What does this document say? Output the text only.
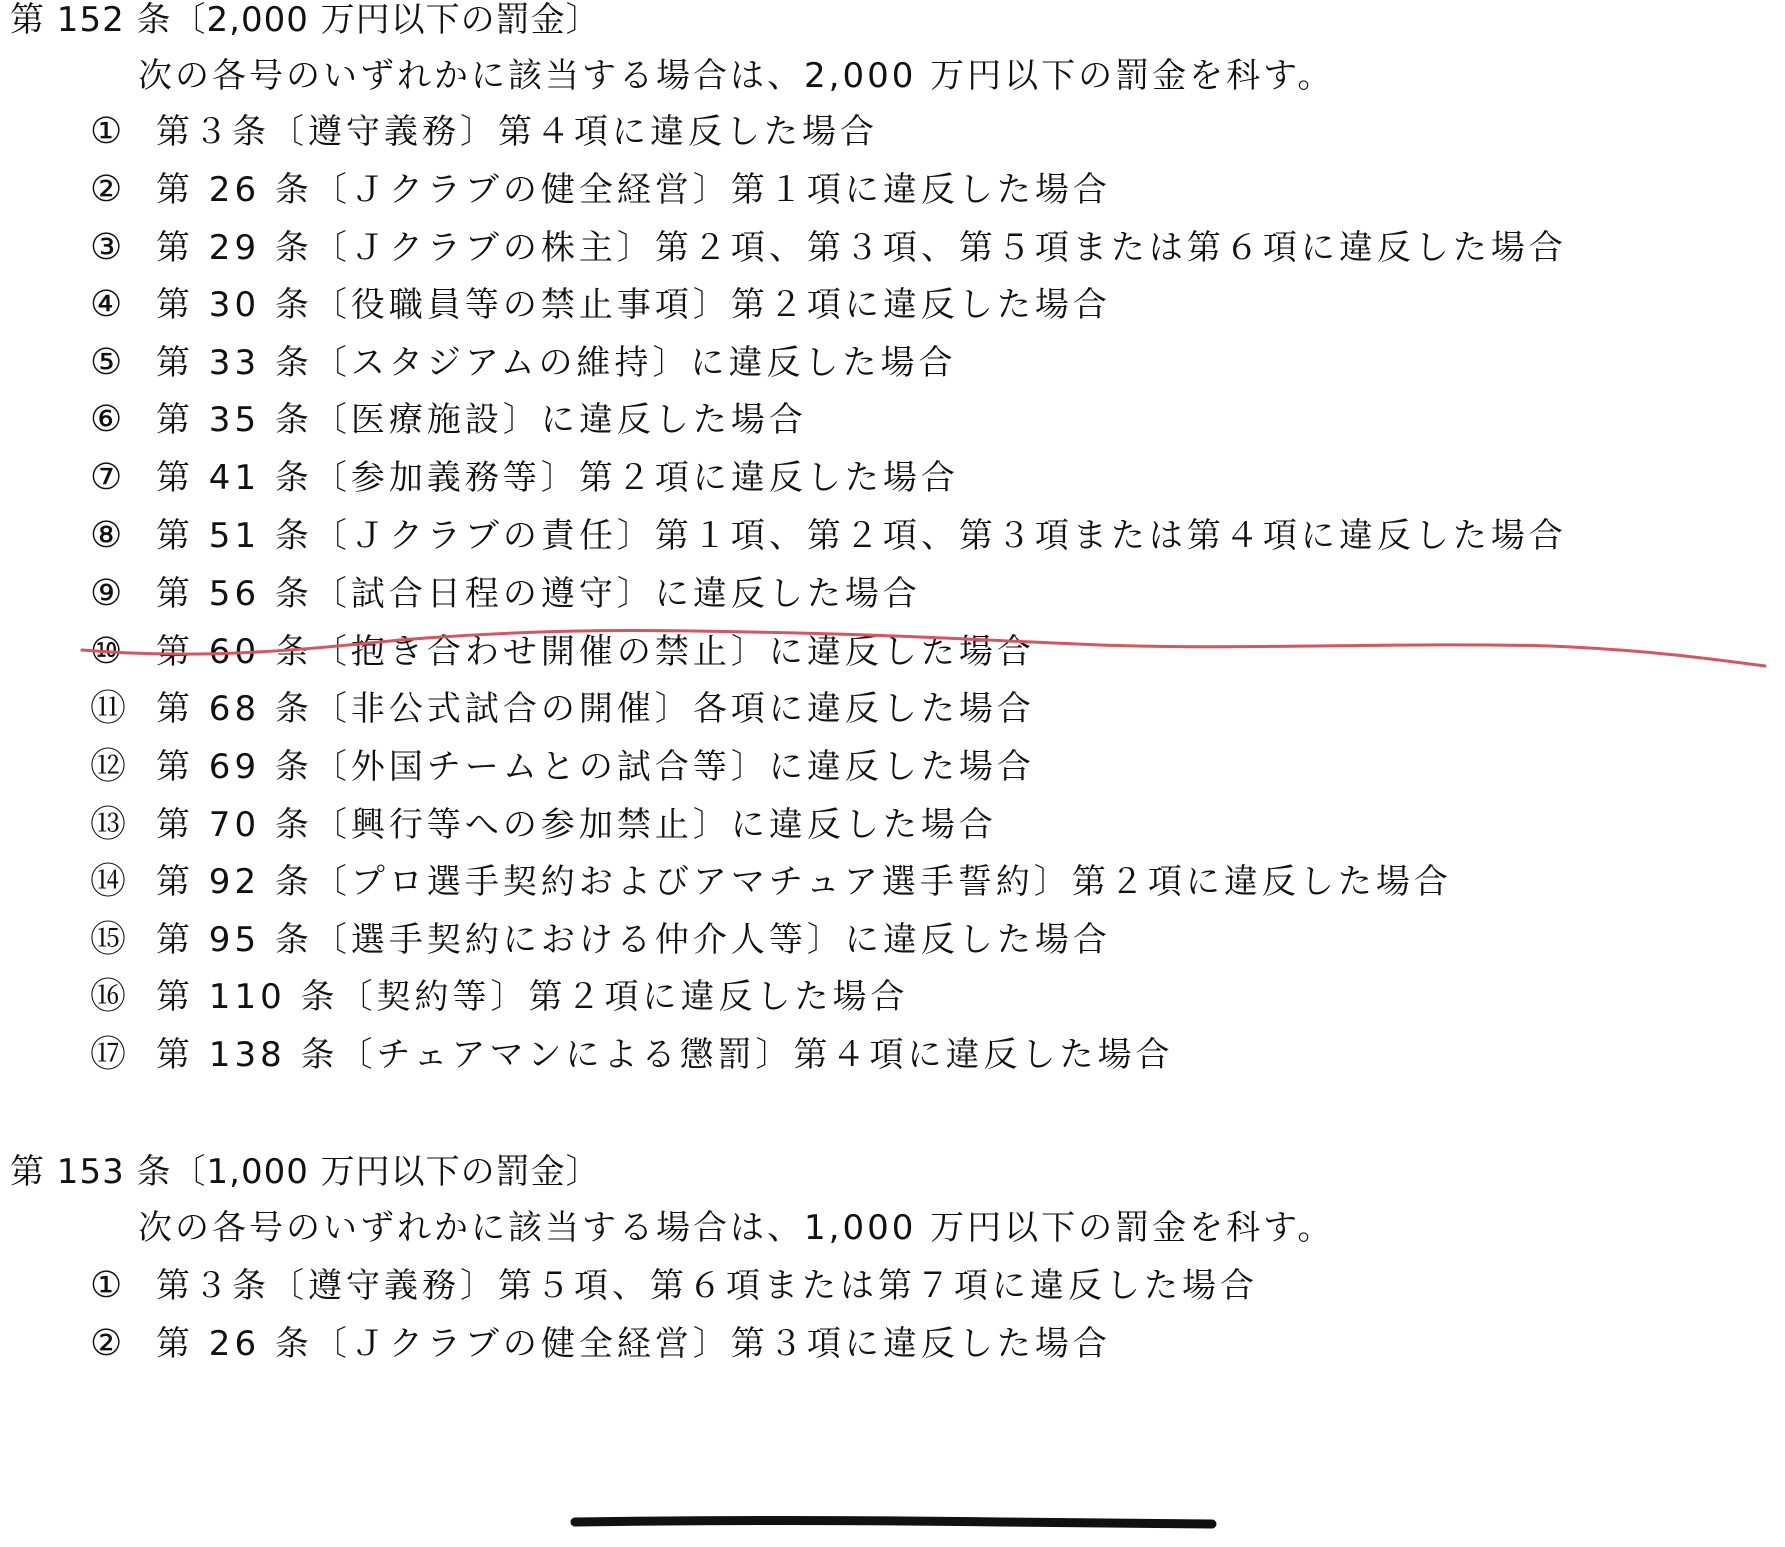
第 152 条〔2,000 万円以下の罰金〕
次の各号のいずれかに該当する場合は、2,000 万円以下の罰金を科す。
① 第３条〔遵守義務〕第４項に違反した場合
② 第 26 条〔Ｊクラブの健全経営〕第１項に違反した場合
③ 第 29 条〔Ｊクラブの株主〕第２項、第３項、第５項または第６項に違反した場合
④ 第 30 条〔役職員等の禁止事項〕第２項に違反した場合
⑤ 第 33 条〔スタジアムの維持〕に違反した場合
⑥ 第 35 条〔医療施設〕に違反した場合
⑦ 第 41 条〔参加義務等〕第２項に違反した場合
⑧ 第 51 条〔Ｊクラブの責任〕第１項、第２項、第３項または第４項に違反した場合
⑨ 第 56 条〔試合日程の遵守〕に違反した場合
⑩ 第 60 条〔抱き合わせ開催の禁止〕に違反した場合
⑪ 第 68 条〔非公式試合の開催〕各項に違反した場合
⑫ 第 69 条〔外国チームとの試合等〕に違反した場合
⑬ 第 70 条〔興行等への参加禁止〕に違反した場合
⑭ 第 92 条〔プロ選手契約およびアマチュア選手誓約〕第２項に違反した場合
⑮ 第 95 条〔選手契約における仲介人等〕に違反した場合
⑯ 第 110 条〔契約等〕第２項に違反した場合
⑰ 第 138 条〔チェアマンによる懲罰〕第４項に違反した場合
第 153 条〔1,000 万円以下の罰金〕
次の各号のいずれかに該当する場合は、1,000 万円以下の罰金を科す。
① 第３条〔遵守義務〕第５項、第６項または第７項に違反した場合
② 第 26 条〔Ｊクラブの健全経営〕第３項に違反した場合
